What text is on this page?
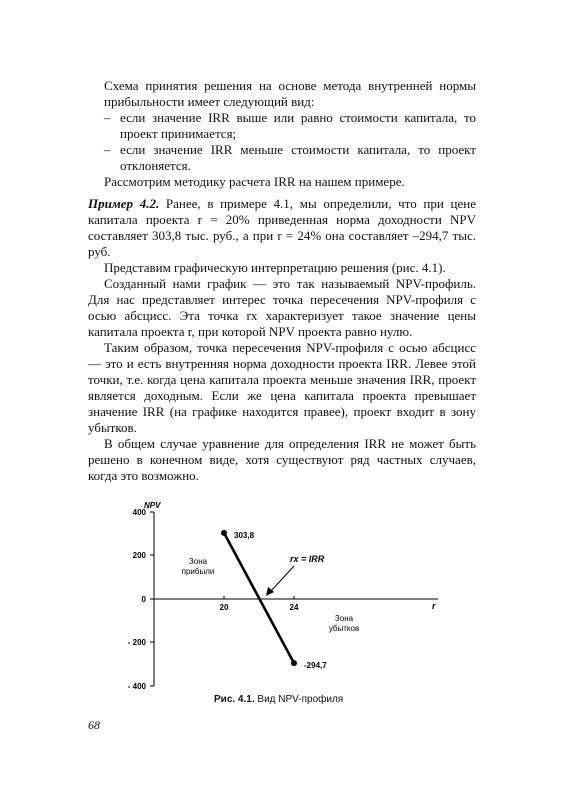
Схема принятия решения на основе метода внутренней нормы прибыльности имеет следующий вид:

– если значение IRR выше или равно стоимости капитала, то проект принимается;
– если значение IRR меньше стоимости капитала, то проект отклоняется.

Рассмотрим методику расчета IRR на нашем примере.

Пример 4.2. Ранее, в примере 4.1, мы определили, что при цене капитала проекта r = 20% приведенная норма доходности NPV составляет 303,8 тыс. руб., а при r = 24% она составляет –294,7 тыс. руб.

Представим графическую интерпретацию решения (рис. 4.1).

Созданный нами график — это так называемый NPV-профиль. Для нас представляет интерес точка пересечения NPV-профиля с осью абсцисс. Эта точка rx характеризует такое значение цены капитала проекта r, при которой NPV проекта равно нулю.

Таким образом, точка пересечения NPV-профиля с осью абсцисс — это и есть внутренняя норма доходности проекта IRR. Левее этой точки, т.е. когда цена капитала проекта меньше значения IRR, проект является доходным. Если же цена капитала проекта превышает значение IRR (на графике находится правее), проект входит в зону убытков.

В общем случае уравнение для определения IRR не может быть решено в конечном виде, хотя существуют ряд частных случаев, когда это возможно.

NPV
r
400
200
0
- 200
- 400
20	24
303,8
-294,7
rx = IRR
Зона
прибыли
Зона
убытков
Рис. 4.1. Вид NPV-профиля
68
